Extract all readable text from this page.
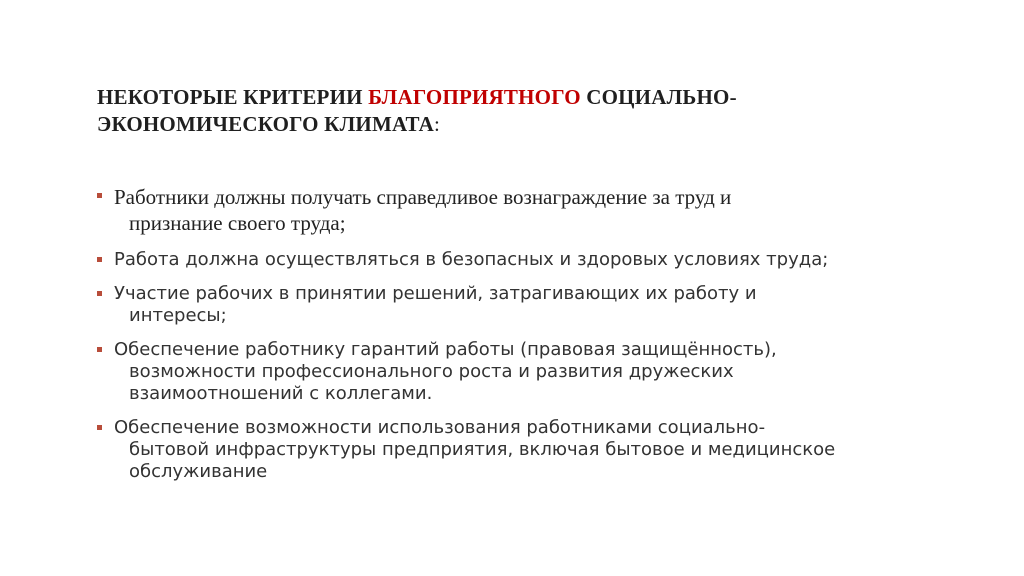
НЕКОТОРЫЕ КРИТЕРИИ БЛАГОПРИЯТНОГО СОЦИАЛЬНО-
ЭКОНОМИЧЕСКОГО КЛИМАТА:
Работники должны получать справедливое вознаграждение за труд и
признание своего труда;
Работа должна осуществляться в безопасных и здоровых условиях труда;
Участие рабочих в принятии решений, затрагивающих их работу и
интересы;
Обеспечение работнику гарантий работы (правовая защищённость),
возможности профессионального роста и развития дружеских
взаимоотношений с коллегами.
Обеспечение возможности использования работниками социально-
бытовой инфраструктуры предприятия, включая бытовое и медицинское
обслуживание
